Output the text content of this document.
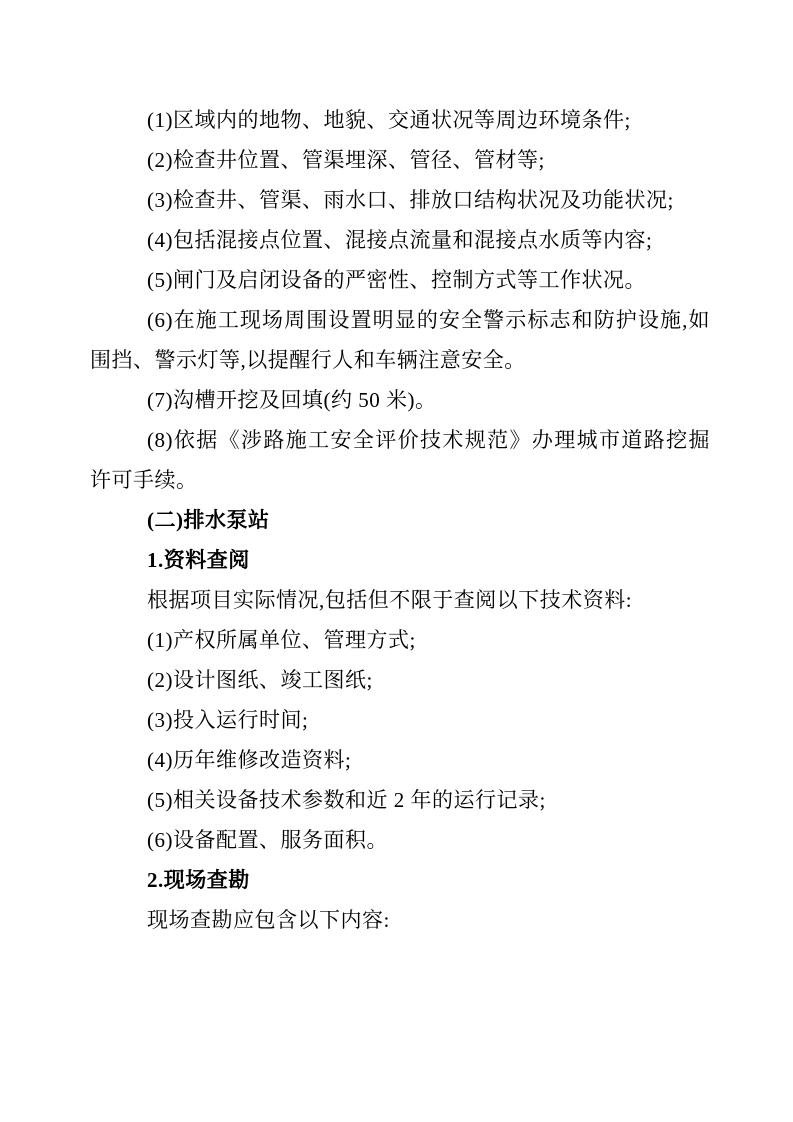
(1)区域内的地物、地貌、交通状况等周边环境条件;

(2)检查井位置、管渠埋深、管径、管材等;

(3)检查井、管渠、雨水口、排放口结构状况及功能状况;

(4)包括混接点位置、混接点流量和混接点水质等内容;

(5)闸门及启闭设备的严密性、控制方式等工作状况。

(6)在施工现场周围设置明显的安全警示标志和防护设施,如围挡、警示灯等,以提醒行人和车辆注意安全。

(7)沟槽开挖及回填(约 50 米)。

(8)依据《涉路施工安全评价技术规范》办理城市道路挖掘许可手续。

(二)排水泵站

1.资料查阅

根据项目实际情况,包括但不限于查阅以下技术资料:

(1)产权所属单位、管理方式;

(2)设计图纸、竣工图纸;

(3)投入运行时间;

(4)历年维修改造资料;

(5)相关设备技术参数和近 2 年的运行记录;

(6)设备配置、服务面积。

2.现场查勘

现场查勘应包含以下内容:
